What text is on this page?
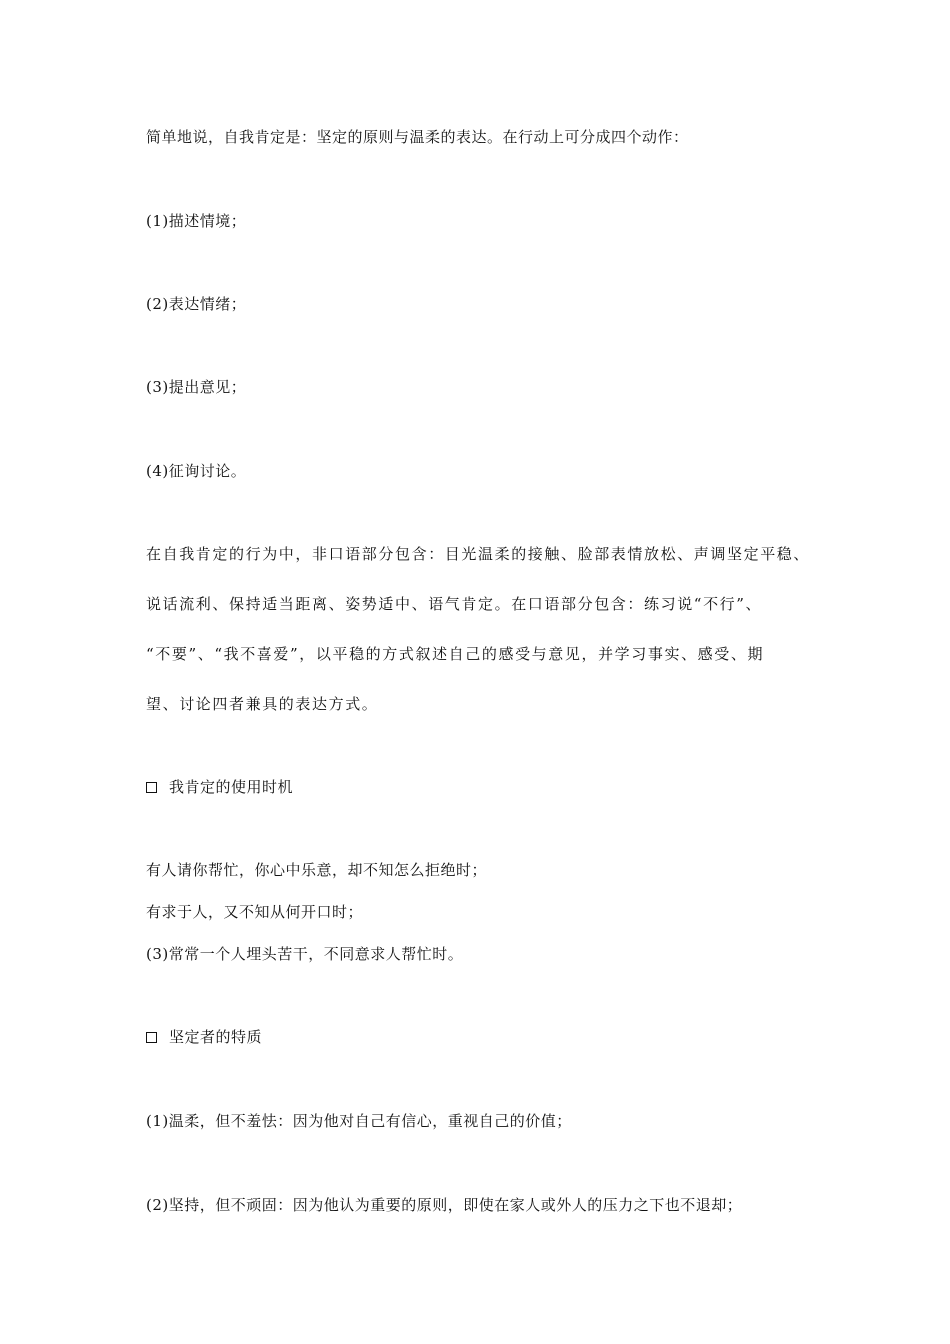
简单地说，自我肯定是：坚定的原则与温柔的表达。在行动上可分成四个动作：
(1)描述情境；
(2)表达情绪；
(3)提出意见；
(4)征询讨论。
在自我肯定的行为中，非口语部分包含：目光温柔的接触、脸部表情放松、声调坚定平稳、
说话流利、保持适当距离、姿势适中、语气肯定。在口语部分包含：练习说“不行”、
“不要”、“我不喜爱”，以平稳的方式叙述自己的感受与意见，并学习事实、感受、期
望、讨论四者兼具的表达方式。
我肯定的使用时机
有人请你帮忙，你心中乐意，却不知怎么拒绝时；
有求于人，又不知从何开口时；
(3)常常一个人埋头苦干，不同意求人帮忙时。
坚定者的特质
(1)温柔，但不羞怯：因为他对自己有信心，重视自己的价值；
(2)坚持，但不顽固：因为他认为重要的原则，即使在家人或外人的压力之下也不退却；
